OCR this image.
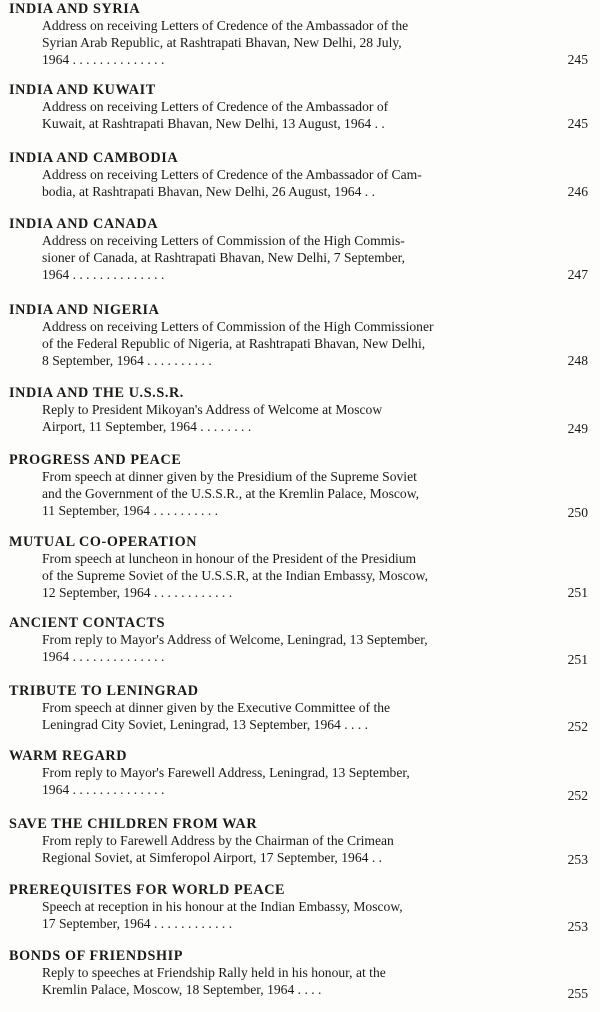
INDIA AND SYRIA
Address on receiving Letters of Credence of the Ambassador of the
Syrian Arab Republic, at Rashtrapati Bhavan, New Delhi, 28 July,
1964 . . . . . . . . . . . . . .	245
INDIA AND KUWAIT
Address on receiving Letters of Credence of the Ambassador of
Kuwait, at Rashtrapati Bhavan, New Delhi, 13 August, 1964 . .	245
INDIA AND CAMBODIA
Address on receiving Letters of Credence of the Ambassador of Cam-
bodia, at Rashtrapati Bhavan, New Delhi, 26 August, 1964 . .	246
INDIA AND CANADA
Address on receiving Letters of Commission of the High Commis-
sioner of Canada, at Rashtrapati Bhavan, New Delhi, 7 September,
1964 . . . . . . . . . . . . . .	247
INDIA AND NIGERIA
Address on receiving Letters of Commission of the High Commissioner
of the Federal Republic of Nigeria, at Rashtrapati Bhavan, New Delhi,
8 September, 1964 . . . . . . . . . .	248
INDIA AND THE U.S.S.R.
Reply to President Mikoyan's Address of Welcome at Moscow
Airport, 11 September, 1964 . . . . . . . .	249
PROGRESS AND PEACE
From speech at dinner given by the Presidium of the Supreme Soviet
and the Government of the U.S.S.R., at the Kremlin Palace, Moscow,
11 September, 1964 . . . . . . . . . .	250
MUTUAL CO-OPERATION
From speech at luncheon in honour of the President of the Presidium
of the Supreme Soviet of the U.S.S.R, at the Indian Embassy, Moscow,
12 September, 1964 . . . . . . . . . . . .	251
ANCIENT CONTACTS
From reply to Mayor's Address of Welcome, Leningrad, 13 September,
1964 . . . . . . . . . . . . . .	251
TRIBUTE TO LENINGRAD
From speech at dinner given by the Executive Committee of the
Leningrad City Soviet, Leningrad, 13 September, 1964 . . . .	252
WARM REGARD
From reply to Mayor's Farewell Address, Leningrad, 13 September,
1964 . . . . . . . . . . . . . .	252
SAVE THE CHILDREN FROM WAR
From reply to Farewell Address by the Chairman of the Crimean
Regional Soviet, at Simferopol Airport, 17 September, 1964 . .	253
PREREQUISITES FOR WORLD PEACE
Speech at reception in his honour at the Indian Embassy, Moscow,
17 September, 1964 . . . . . . . . . . . .	253
BONDS OF FRIENDSHIP
Reply to speeches at Friendship Rally held in his honour, at the
Kremlin Palace, Moscow, 18 September, 1964 . . . .	255
